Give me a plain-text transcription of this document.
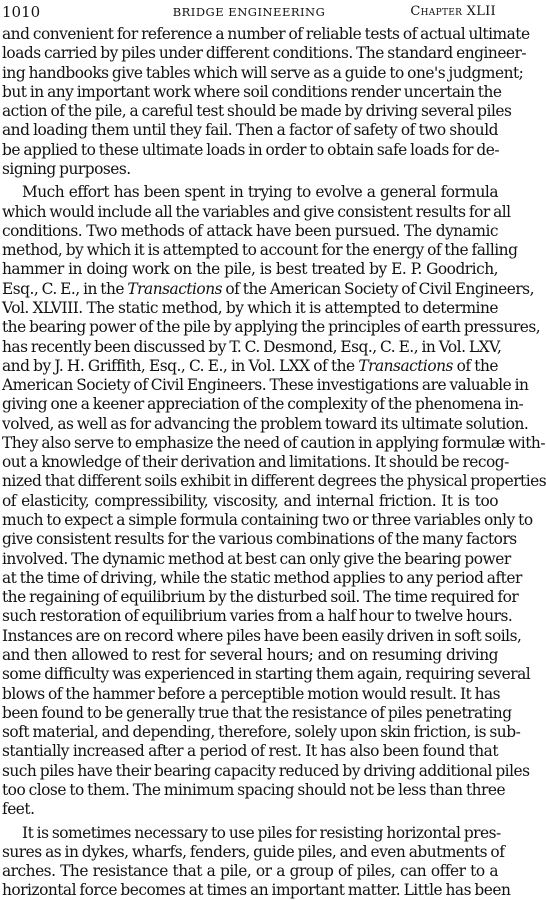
1010	BRIDGE ENGINEERING	Chapter XLII
and convenient for reference a number of reliable tests of actual ultimate
loads carried by piles under different conditions. The standard engineer-
ing handbooks give tables which will serve as a guide to one's judgment;
but in any important work where soil conditions render uncertain the
action of the pile, a careful test should be made by driving several piles
and loading them until they fail. Then a factor of safety of two should
be applied to these ultimate loads in order to obtain safe loads for de-
signing purposes.
Much effort has been spent in trying to evolve a general formula
which would include all the variables and give consistent results for all
conditions. Two methods of attack have been pursued. The dynamic
method, by which it is attempted to account for the energy of the falling
hammer in doing work on the pile, is best treated by E. P. Goodrich,
Esq., C. E., in the Transactions of the American Society of Civil Engineers,
Vol. XLVIII. The static method, by which it is attempted to determine
the bearing power of the pile by applying the principles of earth pressures,
has recently been discussed by T. C. Desmond, Esq., C. E., in Vol. LXV,
and by J. H. Griffith, Esq., C. E., in Vol. LXX of the Transactions of the
American Society of Civil Engineers. These investigations are valuable in
giving one a keener appreciation of the complexity of the phenomena in-
volved, as well as for advancing the problem toward its ultimate solution.
They also serve to emphasize the need of caution in applying formulæ with-
out a knowledge of their derivation and limitations. It should be recog-
nized that different soils exhibit in different degrees the physical properties
of elasticity, compressibility, viscosity, and internal friction. It is too
much to expect a simple formula containing two or three variables only to
give consistent results for the various combinations of the many factors
involved. The dynamic method at best can only give the bearing power
at the time of driving, while the static method applies to any period after
the regaining of equilibrium by the disturbed soil. The time required for
such restoration of equilibrium varies from a half hour to twelve hours.
Instances are on record where piles have been easily driven in soft soils,
and then allowed to rest for several hours; and on resuming driving
some difficulty was experienced in starting them again, requiring several
blows of the hammer before a perceptible motion would result. It has
been found to be generally true that the resistance of piles penetrating
soft material, and depending, therefore, solely upon skin friction, is sub-
stantially increased after a period of rest. It has also been found that
such piles have their bearing capacity reduced by driving additional piles
too close to them. The minimum spacing should not be less than three
feet.
It is sometimes necessary to use piles for resisting horizontal pres-
sures as in dykes, wharfs, fenders, guide piles, and even abutments of
arches. The resistance that a pile, or a group of piles, can offer to a
horizontal force becomes at times an important matter. Little has been
